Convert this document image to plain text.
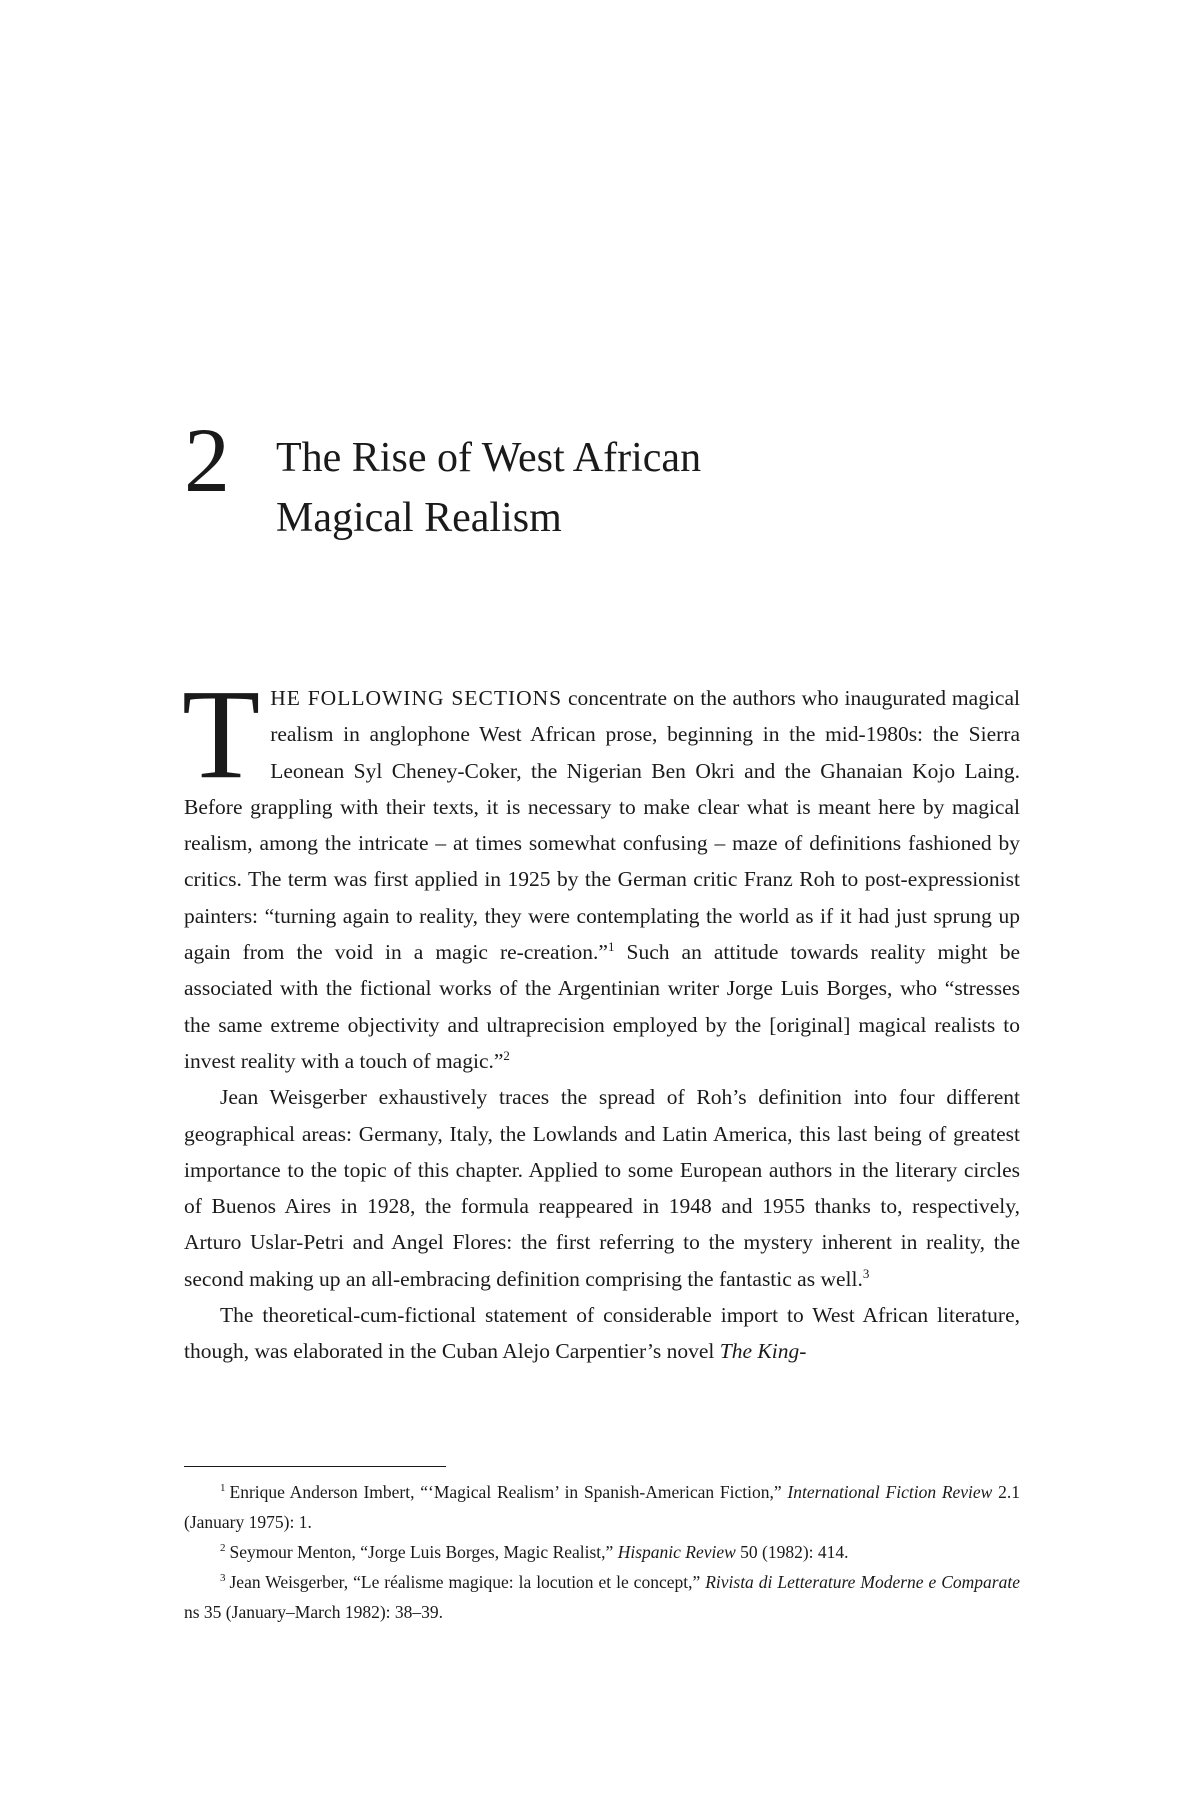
2 The Rise of West African
Magical Realism

THE FOLLOWING SECTIONS concentrate on the authors who inaugurated magical realism in anglophone West African prose, beginning in the mid-1980s: the Sierra Leonean Syl Cheney-Coker, the Nigerian Ben Okri and the Ghanaian Kojo Laing. Before grappling with their texts, it is necessary to make clear what is meant here by magical realism, among the intricate – at times somewhat confusing – maze of definitions fashioned by critics. The term was first applied in 1925 by the German critic Franz Roh to post-expressionist painters: “turning again to reality, they were contemplating the world as if it had just sprung up again from the void in a magic re-creation.”$^1$ Such an attitude towards reality might be associated with the fictional works of the Argentinian writer Jorge Luis Borges, who “stresses the same extreme objectivity and ultraprecision employed by the [original] magical realists to invest reality with a touch of magic.”$^2$

Jean Weisgerber exhaustively traces the spread of Roh’s definition into four different geographical areas: Germany, Italy, the Lowlands and Latin America, this last being of greatest importance to the topic of this chapter. Applied to some European authors in the literary circles of Buenos Aires in 1928, the formula reappeared in 1948 and 1955 thanks to, respectively, Arturo Uslar-Petri and Angel Flores: the first referring to the mystery inherent in reality, the second making up an all-embracing definition comprising the fantastic as well.$^3$

The theoretical-cum-fictional statement of considerable import to West African literature, though, was elaborated in the Cuban Alejo Carpentier’s novel The King-

$^1$ Enrique Anderson Imbert, “‘Magical Realism’ in Spanish-American Fiction,” International Fiction Review 2.1 (January 1975): 1.

$^2$ Seymour Menton, “Jorge Luis Borges, Magic Realist,” Hispanic Review 50 (1982): 414.

$^3$ Jean Weisgerber, “Le réalisme magique: la locution et le concept,” Rivista di Letterature Moderne e Comparate ns 35 (January–March 1982): 38–39.
